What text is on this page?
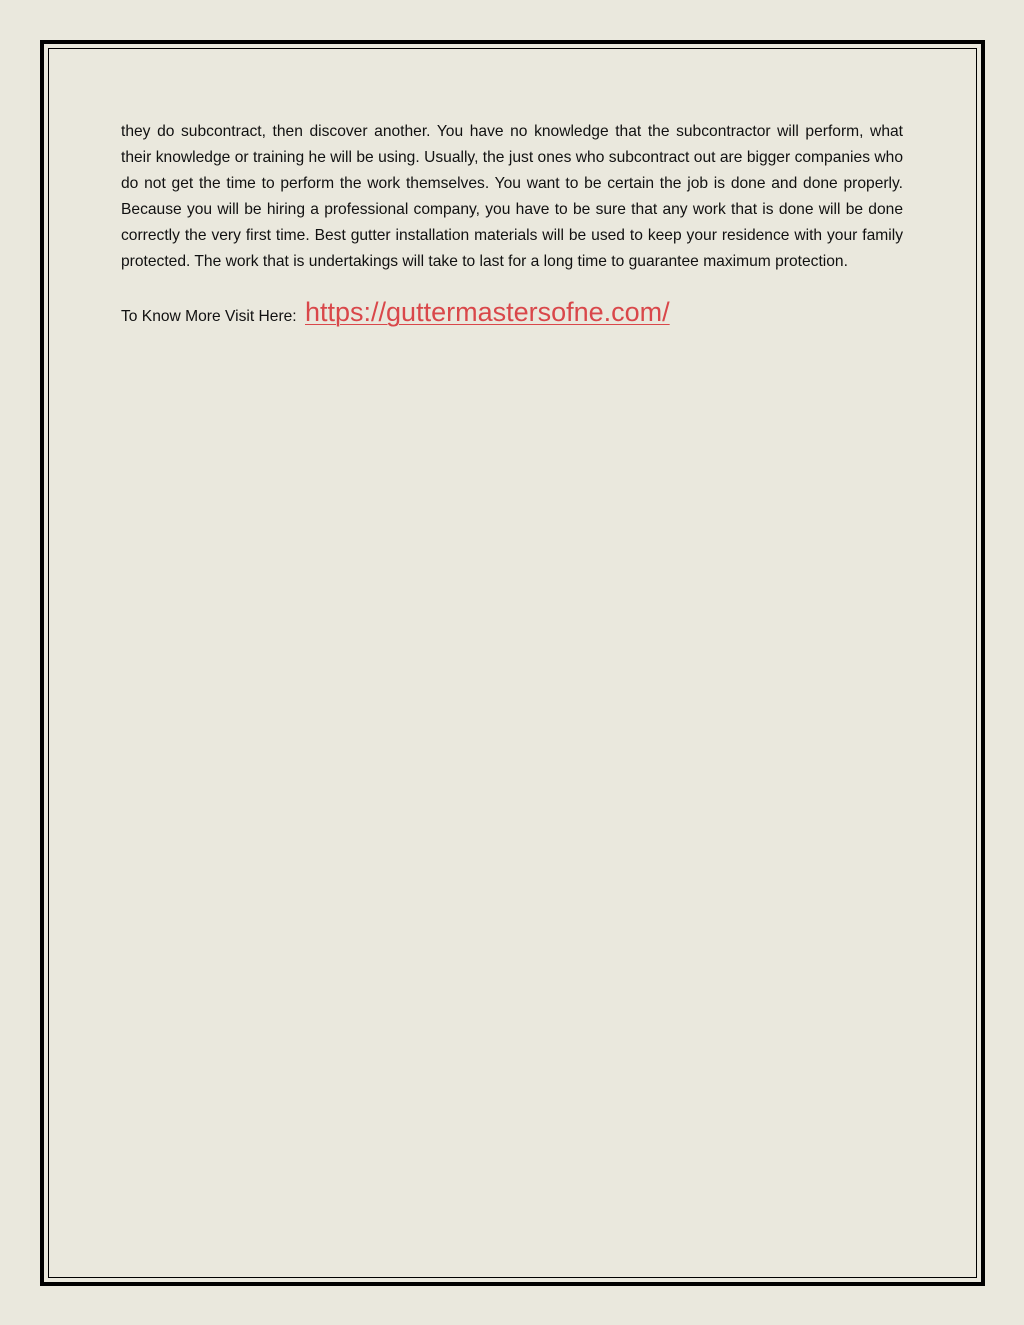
they do subcontract, then discover another. You have no knowledge that the subcontractor will perform, what their knowledge or training he will be using. Usually, the just ones who subcontract out are bigger companies who do not get the time to perform the work themselves. You want to be certain the job is done and done properly. Because you will be hiring a professional company, you have to be sure that any work that is done will be done correctly the very first time. Best gutter installation materials will be used to keep your residence with your family protected. The work that is undertakings will take to last for a long time to guarantee maximum protection.

To Know More Visit Here: https://guttermastersofne.com/
